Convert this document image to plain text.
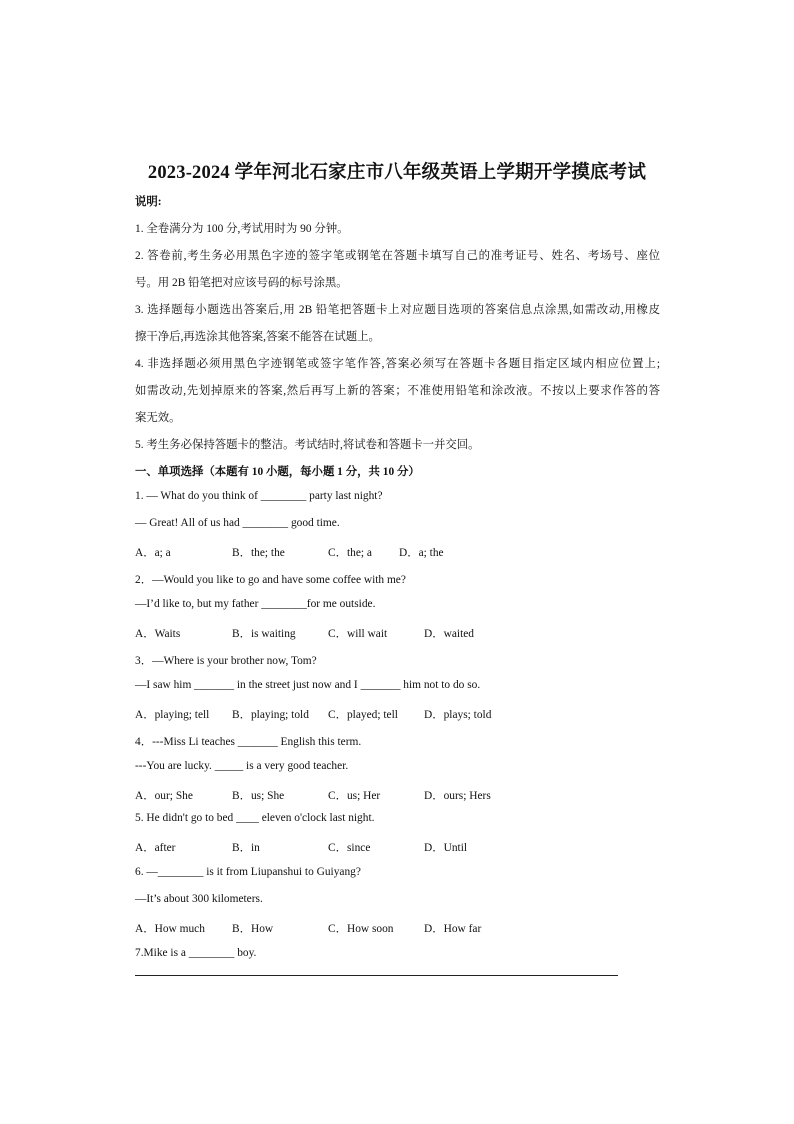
2023-2024 学年河北石家庄市八年级英语上学期开学摸底考试
说明:
1. 全卷满分为 100 分,考试用时为 90 分钟。
2. 答卷前,考生务必用黑色字迹的签字笔或钢笔在答题卡填写自己的准考证号、姓名、考场号、座位
号。用 2B 铅笔把对应该号码的标号涂黑。
3. 选择题每小题选出答案后,用 2B 铅笔把答题卡上对应题目选项的答案信息点涂黑,如需改动,用橡皮
擦干净后,再选涂其他答案,答案不能答在试题上。
4. 非选择题必须用黑色字迹钢笔或签字笔作答,答案必须写在答题卡各题目指定区域内相应位置上;
如需改动,先划掉原来的答案,然后再写上新的答案；不准使用铅笔和涂改液。不按以上要求作答的答
案无效。
5. 考生务必保持答题卡的整洁。考试结时,将试卷和答题卡一并交回。
一、单项选择（本题有 10 小题，每小题 1 分，共 10 分）
1. — What do you think of ________ party last night?
— Great! All of us had ________ good time.
A．a; a	B．the; the	C．the; a D．a; the
2．—Would you like to go and have some coffee with me?
—I’d like to, but my father ________for me outside.
A．Waits	B．is waiting	C．will wait	D．waited
3．—Where is your brother now, Tom?
—I saw him _______ in the street just now and I _______ him not to do so.
A．playing; tell B．playing; told C．played; tell D．plays; told
4．---Miss Li teaches _______ English this term.
---You are lucky. _____ is a very good teacher.
A．our; She	B．us; She	C．us; Her	D．ours; Hers
5. He didn't go to bed ____ eleven o'clock last night.
A．after	B．in	C．since	D．Until
6. —________ is it from Liupanshui to Guiyang?
—It’s about 300 kilometers.
A．How much B．How	C．How soon	D．How far
7.Mike is a ________ boy.
